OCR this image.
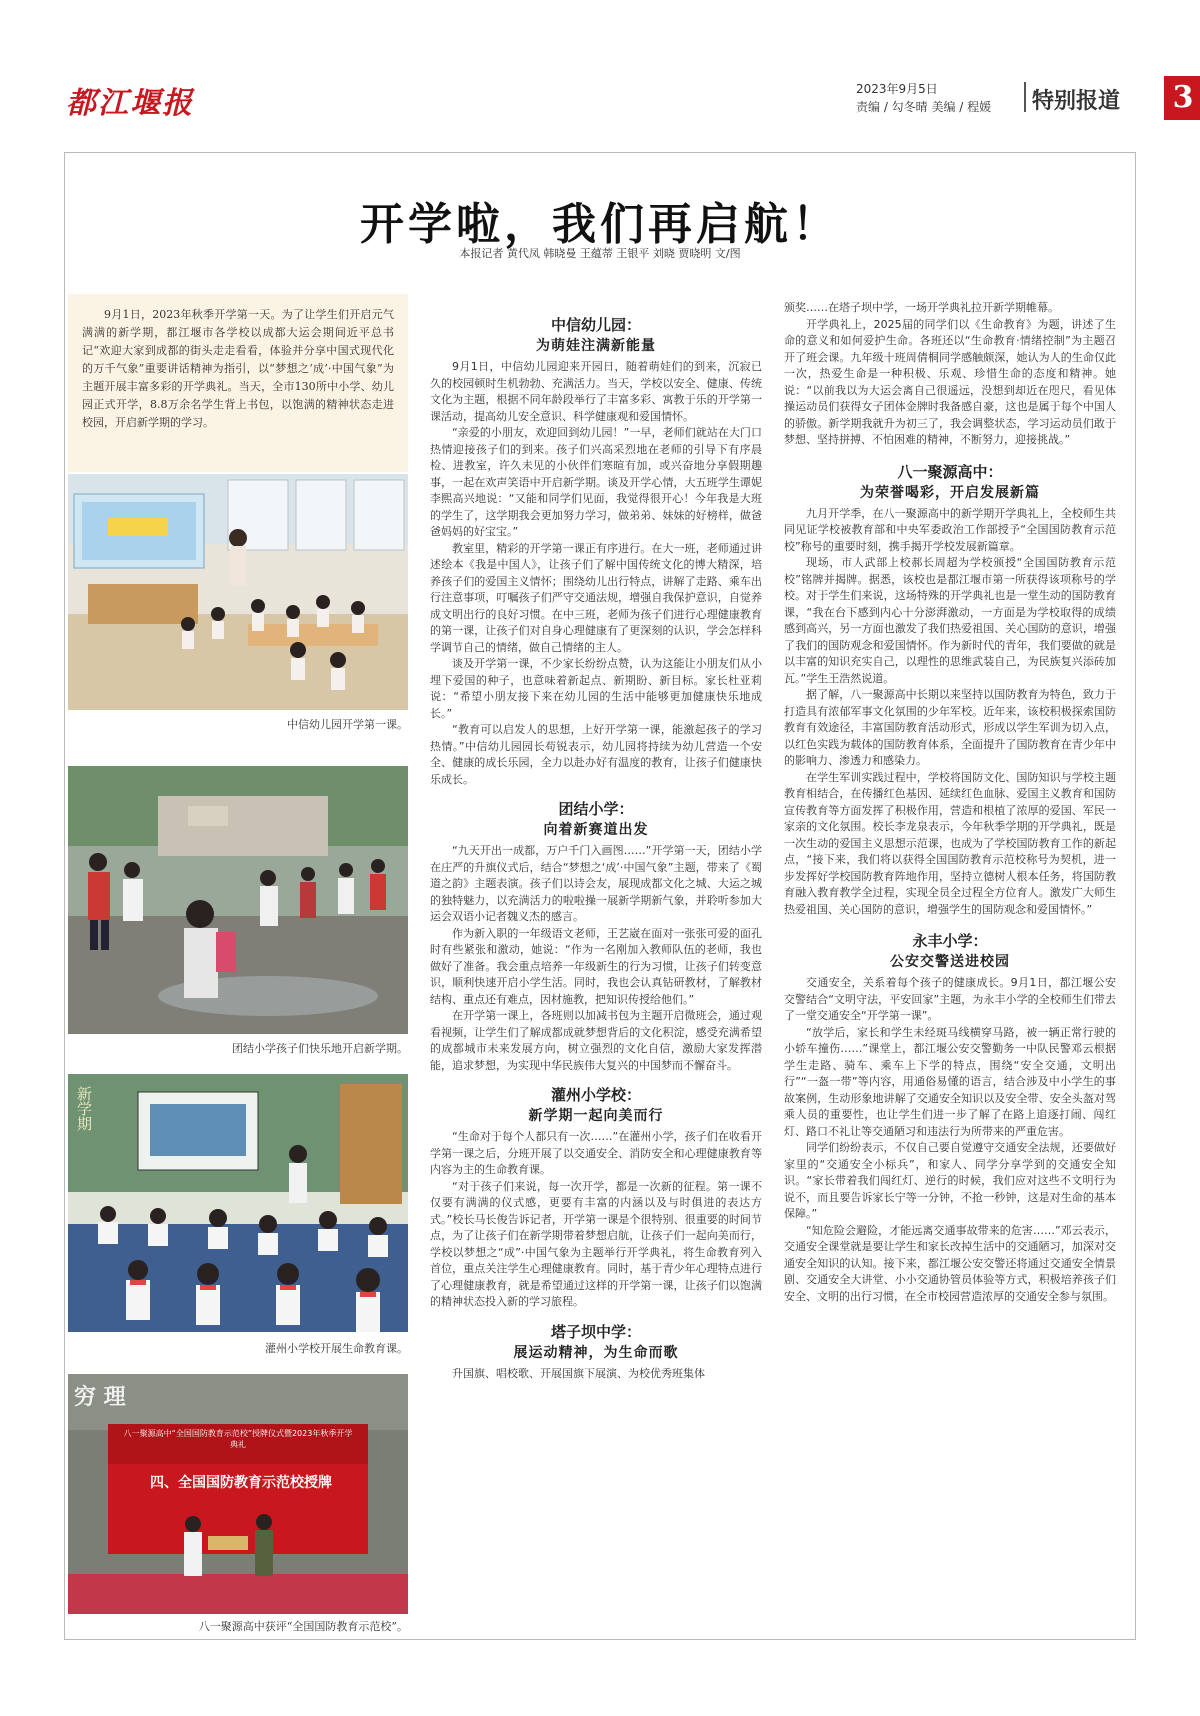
都江堰报	2023年9月5日
责编 / 勾冬晴 美编 / 程媛 特别报道 3
开学啦，我们再启航！
本报记者 黄代凤 韩晓曼 王蕴蒂 王银平 刘晓 贾晓明 文/图
9月1日，2023年秋季开学第一天。为了让学生们开启元气满满的新学期，都江堰市各学校以成都大运会期间近平总书记“欢迎大家到成都的街头走走看看，体验并分享中国式现代化的万千气象”重要讲话精神为指引，以“梦想之‘成’·中国气象”为主题开展丰富多彩的开学典礼。当天，全市130所中小学、幼儿园正式开学，8.8万余名学生背上书包，以饱满的精神状态走进校园，开启新学期的学习。
中信幼儿园开学第一课。
团结小学孩子们快乐地开启新学期。
新学期
灌州小学校开展生命教育课。
八一聚源高中“全国国防教育示范校”授牌仪式暨2023年秋季开学典礼
四、全国国防教育示范校授牌
穷 理
八一聚源高中获评“全国国防教育示范校”。
中信幼儿园：
为萌娃注满新能量

9月1日，中信幼儿园迎来开园日，随着萌娃们的到来，沉寂已久的校园顿时生机勃勃、充满活力。当天，学校以安全、健康、传统文化为主题，根据不同年龄段举行了丰富多彩、寓教于乐的开学第一课活动，提高幼儿安全意识、科学健康观和爱国情怀。

“亲爱的小朋友，欢迎回到幼儿园！”一早，老师们就站在大门口热情迎接孩子们的到来。孩子们兴高采烈地在老师的引导下有序晨检、进教室，许久未见的小伙伴们寒暄有加，或兴奋地分享假期趣事，一起在欢声笑语中开启新学期。谈及开学心情，大五班学生谭妮李熙高兴地说：“又能和同学们见面，我觉得很开心！今年我是大班的学生了，这学期我会更加努力学习，做弟弟、妹妹的好榜样，做爸爸妈妈的好宝宝。”

教室里，精彩的开学第一课正有序进行。在大一班，老师通过讲述绘本《我是中国人》，让孩子们了解中国传统文化的博大精深，培养孩子们的爱国主义情怀；围绕幼儿出行特点，讲解了走路、乘车出行注意事项，叮嘱孩子们严守交通法规，增强自我保护意识，自觉养成文明出行的良好习惯。在中三班，老师为孩子们进行心理健康教育的第一课，让孩子们对自身心理健康有了更深刻的认识，学会怎样科学调节自己的情绪，做自己情绪的主人。

谈及开学第一课，不少家长纷纷点赞，认为这能让小朋友们从小埋下爱国的种子，也意味着新起点、新期盼、新目标。家长杜亚莉说：“希望小朋友接下来在幼儿园的生活中能够更加健康快乐地成长。”

“教育可以启发人的思想，上好开学第一课，能激起孩子的学习热情。”中信幼儿园园长苟锐表示，幼儿园将持续为幼儿营造一个安全、健康的成长乐园，全力以赴办好有温度的教育，让孩子们健康快乐成长。

团结小学：
向着新赛道出发

“九天开出一成都，万户千门入画图……”开学第一天，团结小学在庄严的升旗仪式后，结合“梦想之‘成’·中国气象”主题，带来了《蜀道之韵》主题表演。孩子们以诗会友，展现成都文化之城、大运之城的独特魅力，以充满活力的啦啦操一展新学期新气象，并聆听参加大运会双语小记者魏义杰的感言。

作为新入职的一年级语文老师，王艺崴在面对一张张可爱的面孔时有些紧张和激动，她说：“作为一名刚加入教师队伍的老师，我也做好了准备。我会重点培养一年级新生的行为习惯，让孩子们转变意识，顺利快速开启小学生活。同时，我也会认真钻研教材，了解教材结构、重点还有难点，因材施教，把知识传授给他们。”

在开学第一课上，各班则以加减书包为主题开启微班会，通过观看视频，让学生们了解成都成就梦想背后的文化积淀，感受充满希望的成都城市未来发展方向，树立强烈的文化自信，激励大家发挥潜能，追求梦想，为实现中华民族伟大复兴的中国梦而不懈奋斗。

灌州小学校：
新学期一起向美而行

“生命对于每个人都只有一次……”在灌州小学，孩子们在收看开学第一课之后，分班开展了以交通安全、消防安全和心理健康教育等内容为主的生命教育课。

“对于孩子们来说，每一次开学，都是一次新的征程。第一课不仅要有满满的仪式感，更要有丰富的内涵以及与时俱进的表达方式。”校长马长俊告诉记者，开学第一课是个很特别、很重要的时间节点，为了让孩子们在新学期带着梦想启航，让孩子们一起向美而行，学校以梦想之“成”·中国气象为主题举行开学典礼，将生命教育列入首位，重点关注学生心理健康教育。同时，基于青少年心理特点进行了心理健康教育，就是希望通过这样的开学第一课，让孩子们以饱满的精神状态投入新的学习旅程。

塔子坝中学：
展运动精神，为生命而歌

升国旗、唱校歌、开展国旗下展演、为校优秀班集体

颁奖……在塔子坝中学，一场开学典礼拉开新学期帷幕。

开学典礼上，2025届的同学们以《生命教育》为题，讲述了生命的意义和如何爱护生命。各班还以“生命教育·情绪控制”为主题召开了班会课。九年级十班周倩桐同学感触颇深，她认为人的生命仅此一次，热爱生命是一种积极、乐观、珍惜生命的态度和精神。她说：“以前我以为大运会离自己很遥远，没想到却近在咫尺，看见体操运动员们获得女子团体金牌时我备感自豪，这也是属于每个中国人的骄傲。新学期我就升为初三了，我会调整状态，学习运动员们敢于梦想、坚持拼搏、不怕困难的精神，不断努力，迎接挑战。”

八一聚源高中：
为荣誉喝彩，开启发展新篇

九月开学季，在八一聚源高中的新学期开学典礼上，全校师生共同见证学校被教育部和中央军委政治工作部授予“全国国防教育示范校”称号的重要时刻，携手揭开学校发展新篇章。

现场，市人武部上校郝长周超为学校颁授“全国国防教育示范校”铭牌并揭牌。据悉，该校也是都江堰市第一所获得该项称号的学校。对于学生们来说，这场特殊的开学典礼也是一堂生动的国防教育课，“我在台下感到内心十分澎湃激动，一方面是为学校取得的成绩感到高兴，另一方面也激发了我们热爱祖国、关心国防的意识，增强了我们的国防观念和爱国情怀。作为新时代的青年，我们要做的就是以丰富的知识充实自己，以理性的思维武装自己，为民族复兴添砖加瓦。”学生王浩然说道。

据了解，八一聚源高中长期以来坚持以国防教育为特色，致力于打造具有浓郁军事文化氛围的少年军校。近年来，该校积极探索国防教育有效途径，丰富国防教育活动形式，形成以学生军训为切入点，以红色实践为载体的国防教育体系，全面提升了国防教育在青少年中的影响力、渗透力和感染力。

在学生军训实践过程中，学校将国防文化、国防知识与学校主题教育相结合，在传播红色基因、延续红色血脉、爱国主义教育和国防宣传教育等方面发挥了积极作用，营造和根植了浓厚的爱国、军民一家亲的文化氛围。校长李龙泉表示，今年秋季学期的开学典礼，既是一次生动的爱国主义思想示范课，也成为了学校国防教育工作的新起点，“接下来，我们将以获得全国国防教育示范校称号为契机，进一步发挥好学校国防教育阵地作用，坚持立德树人根本任务，将国防教育融入教育教学全过程，实现全员全过程全方位育人。激发广大师生热爱祖国、关心国防的意识，增强学生的国防观念和爱国情怀。”

永丰小学：
公安交警送进校园

交通安全，关系着每个孩子的健康成长。9月1日，都江堰公安交警结合“文明守法，平安回家”主题，为永丰小学的全校师生们带去了一堂交通安全“开学第一课”。

“放学后，家长和学生未经斑马线横穿马路，被一辆正常行驶的小轿车撞伤……”课堂上，都江堰公安交警勤务一中队民警邓云根据学生走路、骑车、乘车上下学的特点，围绕“安全交通，文明出行”“一盔一带”等内容，用通俗易懂的语言，结合涉及中小学生的事故案例，生动形象地讲解了交通安全知识以及安全带、安全头盔对驾乘人员的重要性，也让学生们进一步了解了在路上追逐打闹、闯红灯、路口不礼让等交通陋习和违法行为所带来的严重危害。

同学们纷纷表示，不仅自己要自觉遵守交通安全法规，还要做好家里的“交通安全小标兵”，和家人、同学分享学到的交通安全知识。“家长带着我们闯红灯、逆行的时候，我们应对这些不文明行为说不，而且要告诉家长宁等一分钟，不抢一秒钟，这是对生命的基本保障。”

“知危险会避险，才能远离交通事故带来的危害……”邓云表示，交通安全课堂就是要让学生和家长改掉生活中的交通陋习，加深对交通安全知识的认知。接下来，都江堰公安交警还将通过交通安全情景剧、交通安全大讲堂、小小交通协管员体验等方式，积极培养孩子们安全、文明的出行习惯，在全市校园营造浓厚的交通安全参与氛围。
